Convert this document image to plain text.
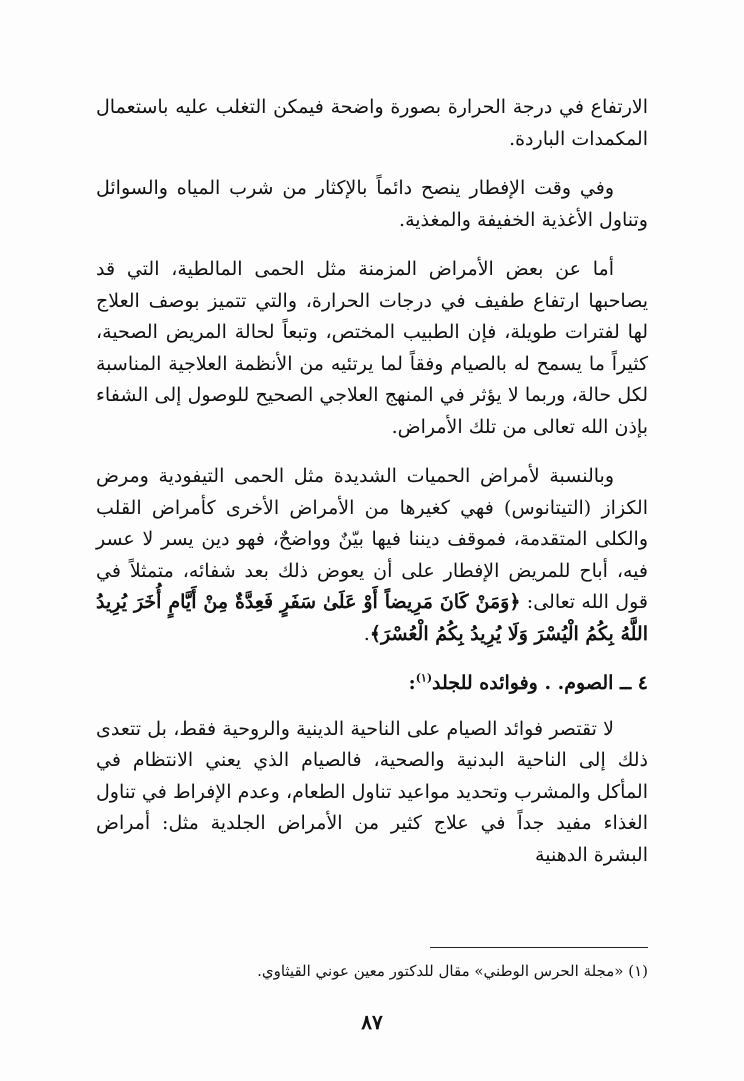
الارتفاع في درجة الحرارة بصورة واضحة فيمكن التغلب عليه باستعمال المكمدات الباردة.

وفي وقت الإفطار ينصح دائماً بالإكثار من شرب المياه والسوائل وتناول الأغذية الخفيفة والمغذية.

أما عن بعض الأمراض المزمنة مثل الحمى المالطية، التي قد يصاحبها ارتفاع طفيف في درجات الحرارة، والتي تتميز بوصف العلاج لها لفترات طويلة، فإن الطبيب المختص، وتبعاً لحالة المريض الصحية، كثيراً ما يسمح له بالصيام وفقاً لما يرتئيه من الأنظمة العلاجية المناسبة لكل حالة، وربما لا يؤثر في المنهج العلاجي الصحيح للوصول إلى الشفاء بإذن الله تعالى من تلك الأمراض.

وبالنسبة لأمراض الحميات الشديدة مثل الحمى التيفودية ومرض الكزاز (التيتانوس) فهي كغيرها من الأمراض الأخرى كأمراض القلب والكلى المتقدمة، فموقف ديننا فيها بيّنٌ وواضحٌ، فهو دين يسر لا عسر فيه، أباح للمريض الإفطار على أن يعوض ذلك بعد شفائه، متمثلاً في قول الله تعالى: ﴿وَمَنْ كَانَ مَرِيضاً أَوْ عَلَىٰ سَفَرٍ فَعِدَّةٌ مِنْ أَيَّامٍ أُخَرَ يُرِيدُ اللَّهُ بِكُمُ الْيُسْرَ وَلَا يُرِيدُ بِكُمُ الْعُسْرَ﴾.

٤ ــ الصوم. . وفوائده للجلد$^{(١)}$:

لا تقتصر فوائد الصيام على الناحية الدينية والروحية فقط، بل تتعدى ذلك إلى الناحية البدنية والصحية، فالصيام الذي يعني الانتظام في المأكل والمشرب وتحديد مواعيد تناول الطعام، وعدم الإفراط في تناول الغذاء مفيد جداً في علاج كثير من الأمراض الجلدية مثل: أمراض البشرة الدهنية

(١) «مجلة الحرس الوطني» مقال للدكتور معين عوني القيثاوي.
٨٧
